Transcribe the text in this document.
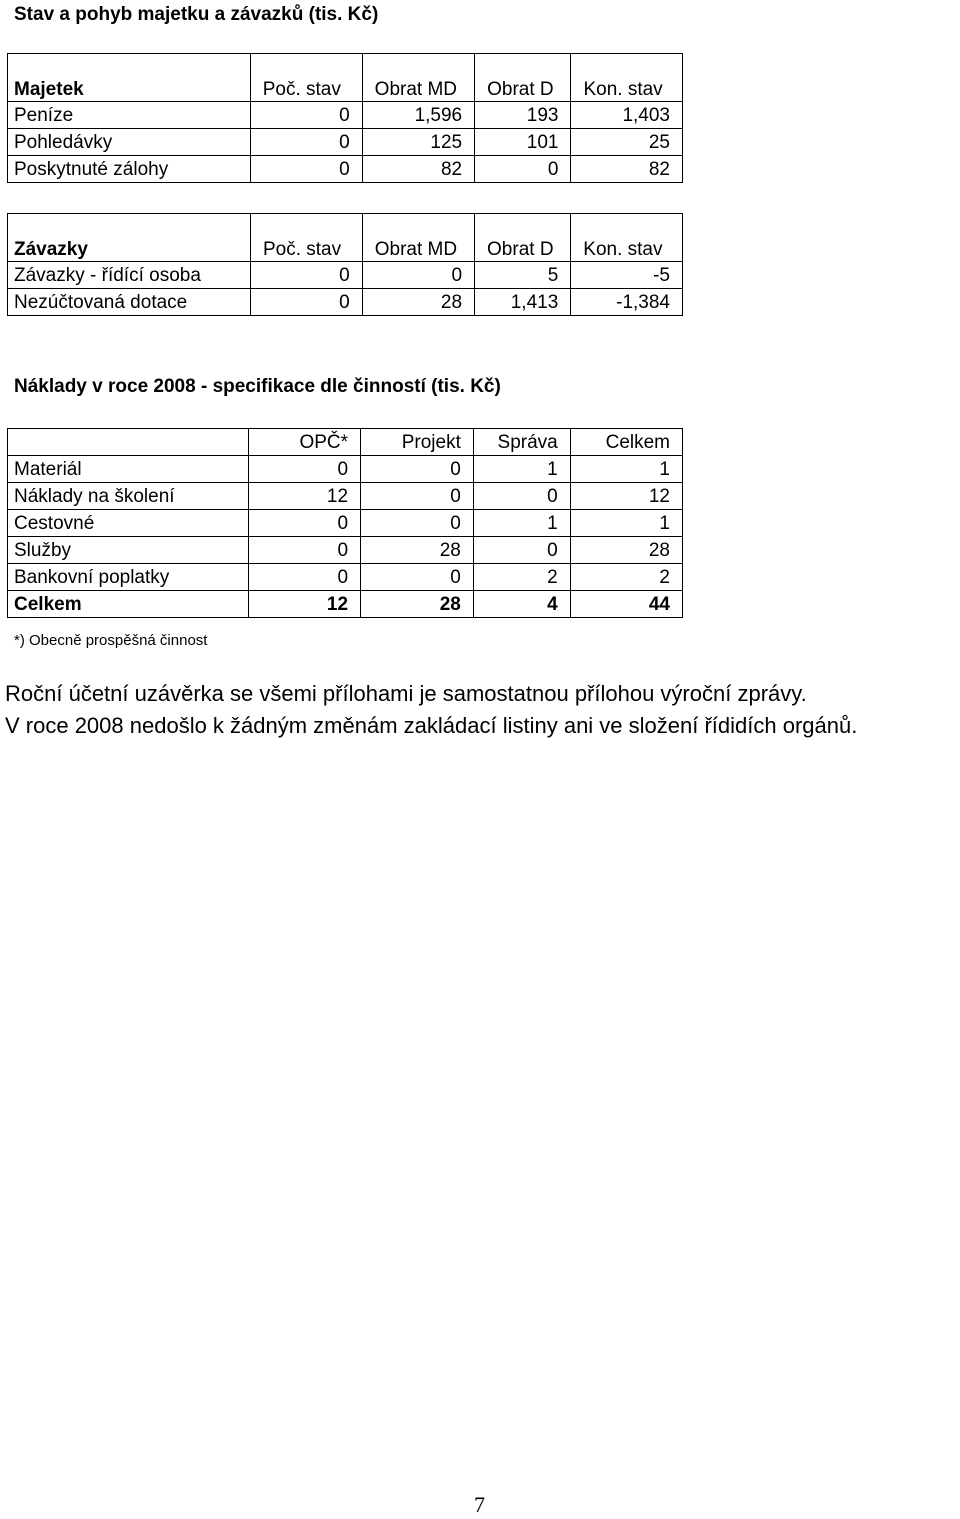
Stav a pohyb majetku a závazků (tis. Kč)
Majetek	Poč. stav	Obrat MD	Obrat D	Kon. stav
Peníze	0	1,596	193	1,403
Pohledávky	0	125	101	25
Poskytnuté zálohy	0	82	0	82
Závazky	Poč. stav	Obrat MD	Obrat D	Kon. stav
Závazky - řídící osoba	0	0	5	-5
Nezúčtovaná dotace	0	28	1,413	-1,384
Náklady v roce 2008 - specifikace dle činností (tis. Kč)
	OPČ*	Projekt	Správa	Celkem
Materiál	0	0	1	1
Náklady na školení	12	0	0	12
Cestovné	0	0	1	1
Služby	0	28	0	28
Bankovní poplatky	0	0	2	2
Celkem	12	28	4	44
*) Obecně prospěšná činnost
Roční účetní uzávěrka se všemi přílohami je samostatnou přílohou výroční zprávy.
V roce 2008 nedošlo k žádným změnám zakládací listiny ani ve složení řídidích orgánů.
7
